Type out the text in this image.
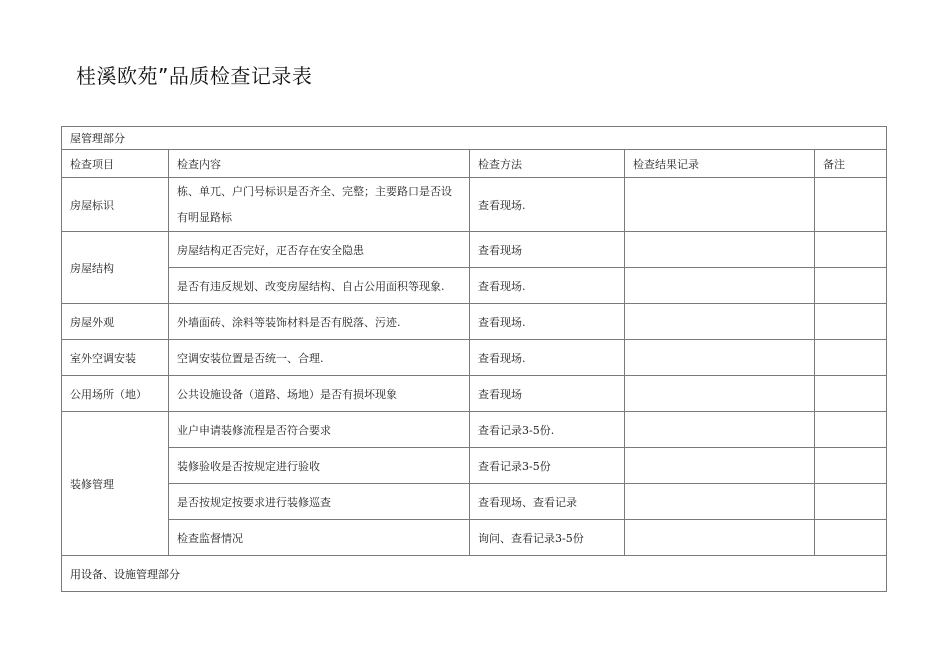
桂溪欧苑”品质检查记录表
屋管理部分				
检查项目	检查内容	检查方法	检查结果记录	备注
房屋标识	栋、单兀、户门号标识是否齐全、完整；主要路口是否设有明显路标	查看现场.		
房屋结构	房屋结构疋否完好，疋否存在安全隐患	查看现场		
	是否有违反规划、改变房屋结构、自占公用面积等现象.	查看现场.		
房屋外观	外墙面砖、涂料等装饰材料是否有脱落、污迹.	查看现场.		
室外空调安装	空调安装位置是否统一、合理.	查看现场.		
公用场所（地）	公共设施设备（道路、场地）是否有损坏现象	查看现场		
装修管理	业户申请装修流程是否符合要求	查看记录3-5份.		
	装修验收是否按规定进行验收	查看记录3-5份		
	是否按规定按要求进行装修巡查	查看现场、查看记录		
	检查监督情况	询问、查看记录3-5份		
用设备、设施管理部分				
